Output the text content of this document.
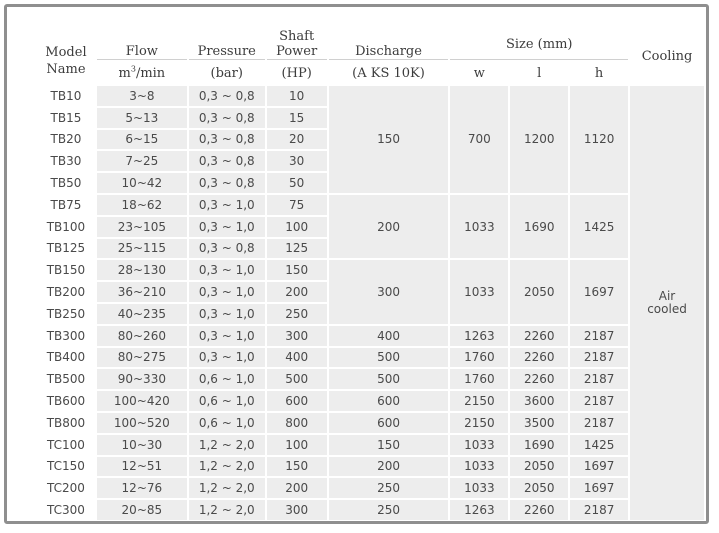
Model	Flow	Pressure	Shaft Power	Discharge	Size (mm)			Cooling
Name	$m^3/\min$	(bar)	(HP)	(A KS 10K)	w	l	h	
TB10	3~8	0,3 ~ 0,8	10	150	700	1200	1120	Air
cooled

TB15	5~13	0,3 ~ 0,8	15					
TB20	6~15	0,3 ~ 0,8	20					
TB30	7~25	0,3 ~ 0,8	30					
TB50	10~42	0,3 ~ 0,8	50					
TB75	18~62	0,3 ~ 1,0	75	200	1033	1690	1425	
TB100	23~105	0,3 ~ 1,0	100					
TB125	25~115	0,3 ~ 0,8	125					
TB150	28~130	0,3 ~ 1,0	150	300	1033	2050	1697	
TB200	36~210	0,3 ~ 1,0	200					
TB250	40~235	0,3 ~ 1,0	250					
TB300	80~260	0,3 ~ 1,0	300	400	1263	2260	2187	
TB400	80~275	0,3 ~ 1,0	400	500	1760	2260	2187	
TB500	90~330	0,6 ~ 1,0	500	500	1760	2260	2187	
TB600	100~420	0,6 ~ 1,0	600	600	2150	3600	2187	
TB800	100~520	0,6 ~ 1,0	800	600	2150	3500	2187	
TC100	10~30	1,2 ~ 2,0	100	150	1033	1690	1425	
TC150	12~51	1,2 ~ 2,0	150	200	1033	2050	1697	
TC200	12~76	1,2 ~ 2,0	200	250	1033	2050	1697	
TC300	20~85	1,2 ~ 2,0	300	250	1263	2260	2187	
